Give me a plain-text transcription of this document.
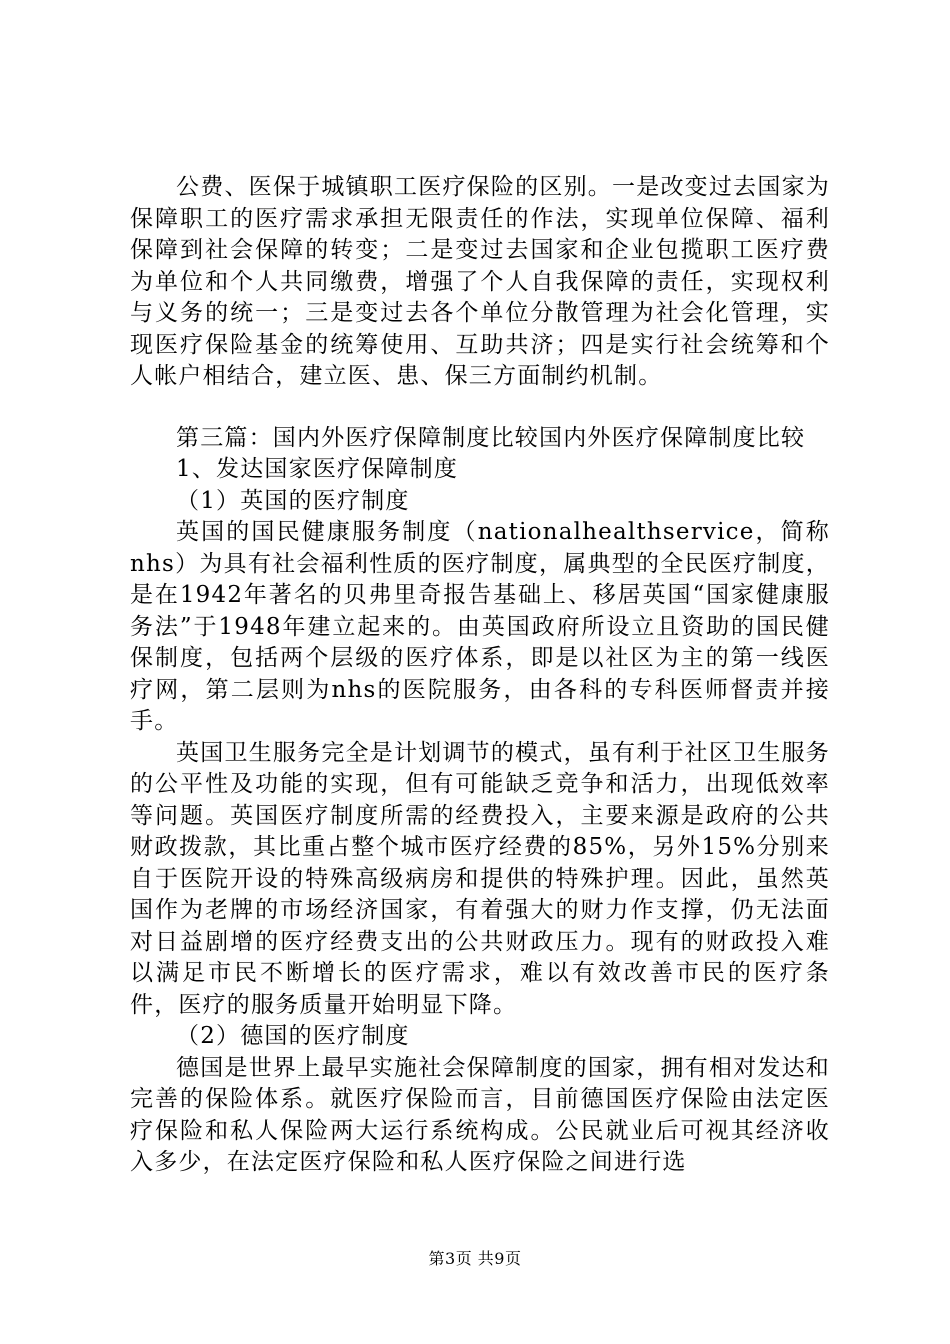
公费、医保于城镇职工医疗保险的区别。一是改变过去国家为保障职工的医疗需求承担无限责任的作法，实现单位保障、福利保障到社会保障的转变；二是变过去国家和企业包揽职工医疗费为单位和个人共同缴费，增强了个人自我保障的责任，实现权利与义务的统一；三是变过去各个单位分散管理为社会化管理，实现医疗保险基金的统筹使用、互助共济；四是实行社会统筹和个人帐户相结合，建立医、患、保三方面制约机制。

第三篇：国内外医疗保障制度比较国内外医疗保障制度比较

1、发达国家医疗保障制度

（1）英国的医疗制度

英国的国民健康服务制度（nationalhealthservice，简称nhs）为具有社会福利性质的医疗制度，属典型的全民医疗制度，是在1942年著名的贝弗里奇报告基础上、移居英国“国家健康服务法”于1948年建立起来的。由英国政府所设立且资助的国民健保制度，包括两个层级的医疗体系，即是以社区为主的第一线医疗网，第二层则为nhs的医院服务，由各科的专科医师督责并接手。

英国卫生服务完全是计划调节的模式，虽有利于社区卫生服务的公平性及功能的实现，但有可能缺乏竞争和活力，出现低效率等问题。英国医疗制度所需的经费投入，主要来源是政府的公共财政拨款，其比重占整个城市医疗经费的85%，另外15%分别来自于医院开设的特殊高级病房和提供的特殊护理。因此，虽然英国作为老牌的市场经济国家，有着强大的财力作支撑，仍无法面对日益剧增的医疗经费支出的公共财政压力。现有的财政投入难以满足市民不断增长的医疗需求，难以有效改善市民的医疗条件，医疗的服务质量开始明显下降。

（2）德国的医疗制度

德国是世界上最早实施社会保障制度的国家，拥有相对发达和完善的保险体系。就医疗保险而言，目前德国医疗保险由法定医疗保险和私人保险两大运行系统构成。公民就业后可视其经济收入多少，在法定医疗保险和私人医疗保险之间进行选

第3页 共9页
